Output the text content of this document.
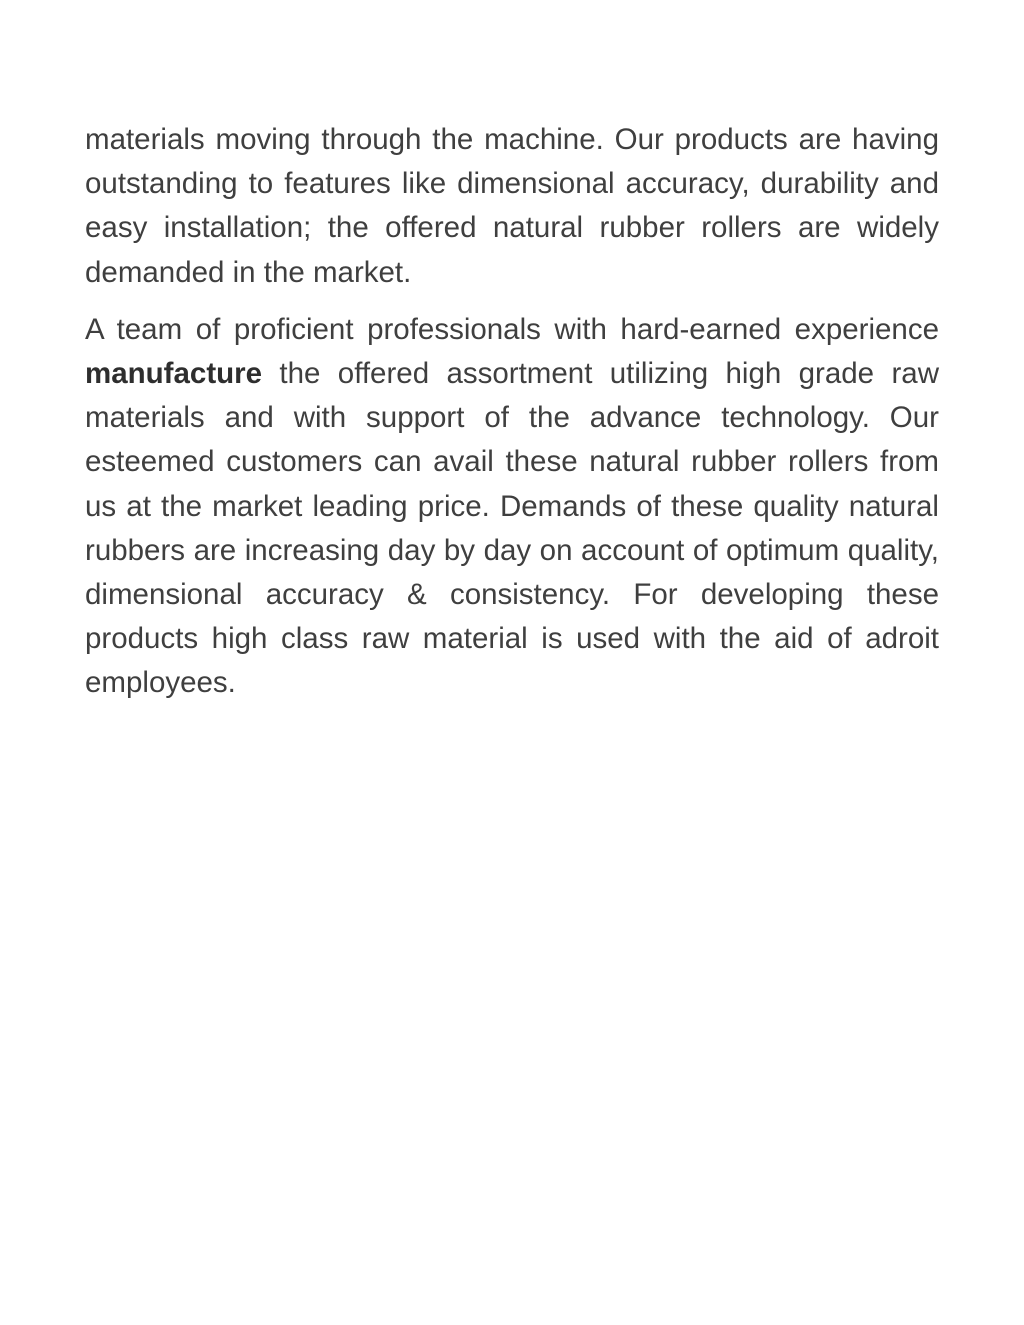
materials moving through the machine. Our products are having outstanding to features like dimensional accuracy, durability and easy installation; the offered natural rubber rollers are widely demanded in the market.

A team of proficient professionals with hard-earned experience manufacture the offered assortment utilizing high grade raw materials and with support of the advance technology. Our esteemed customers can avail these natural rubber rollers from us at the market leading price. Demands of these quality natural rubbers are increasing day by day on account of optimum quality, dimensional accuracy & consistency. For developing these products high class raw material is used with the aid of adroit employees.
